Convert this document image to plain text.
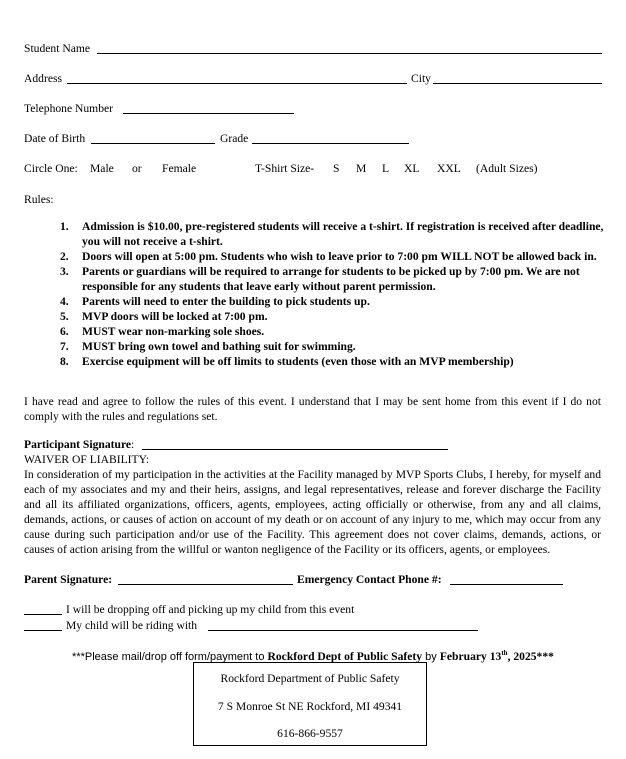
Student Name
Address	City
Telephone Number
Date of Birth	Grade
Circle One: Male or Female	T-Shirt Size- S M L XL XXL (Adult Sizes)
Rules:
1. Admission is $10.00, pre-registered students will receive a t-shirt. If registration is received after deadline, you will not receive a t-shirt.
2. Doors will open at 5:00 pm. Students who wish to leave prior to 7:00 pm WILL NOT be allowed back in.
3. Parents or guardians will be required to arrange for students to be picked up by 7:00 pm. We are not responsible for any students that leave early without parent permission.
4. Parents will need to enter the building to pick students up.
5. MVP doors will be locked at 7:00 pm.
6. MUST wear non-marking sole shoes.
7. MUST bring own towel and bathing suit for swimming.
8. Exercise equipment will be off limits to students (even those with an MVP membership)
I have read and agree to follow the rules of this event. I understand that I may be sent home from this event if I do not comply with the rules and regulations set.
Participant Signature:
WAIVER OF LIABILITY:
In consideration of my participation in the activities at the Facility managed by MVP Sports Clubs, I hereby, for myself and each of my associates and my and their heirs, assigns, and legal representatives, release and forever discharge the Facility and all its affiliated organizations, officers, agents, employees, acting officially or otherwise, from any and all claims, demands, actions, or causes of action on account of my death or on account of any injury to me, which may occur from any cause during such participation and/or use of the Facility. This agreement does not cover claims, demands, actions, or causes of action arising from the willful or wanton negligence of the Facility or its officers, agents, or employees.
Parent Signature:	Emergency Contact Phone #:
I will be dropping off and picking up my child from this event
My child will be riding with
***Please mail/drop off form/payment to Rockford Dept of Public Safety by February 13th, 2025***
Rockford Department of Public Safety
7 S Monroe St NE Rockford, MI 49341
616-866-9557
